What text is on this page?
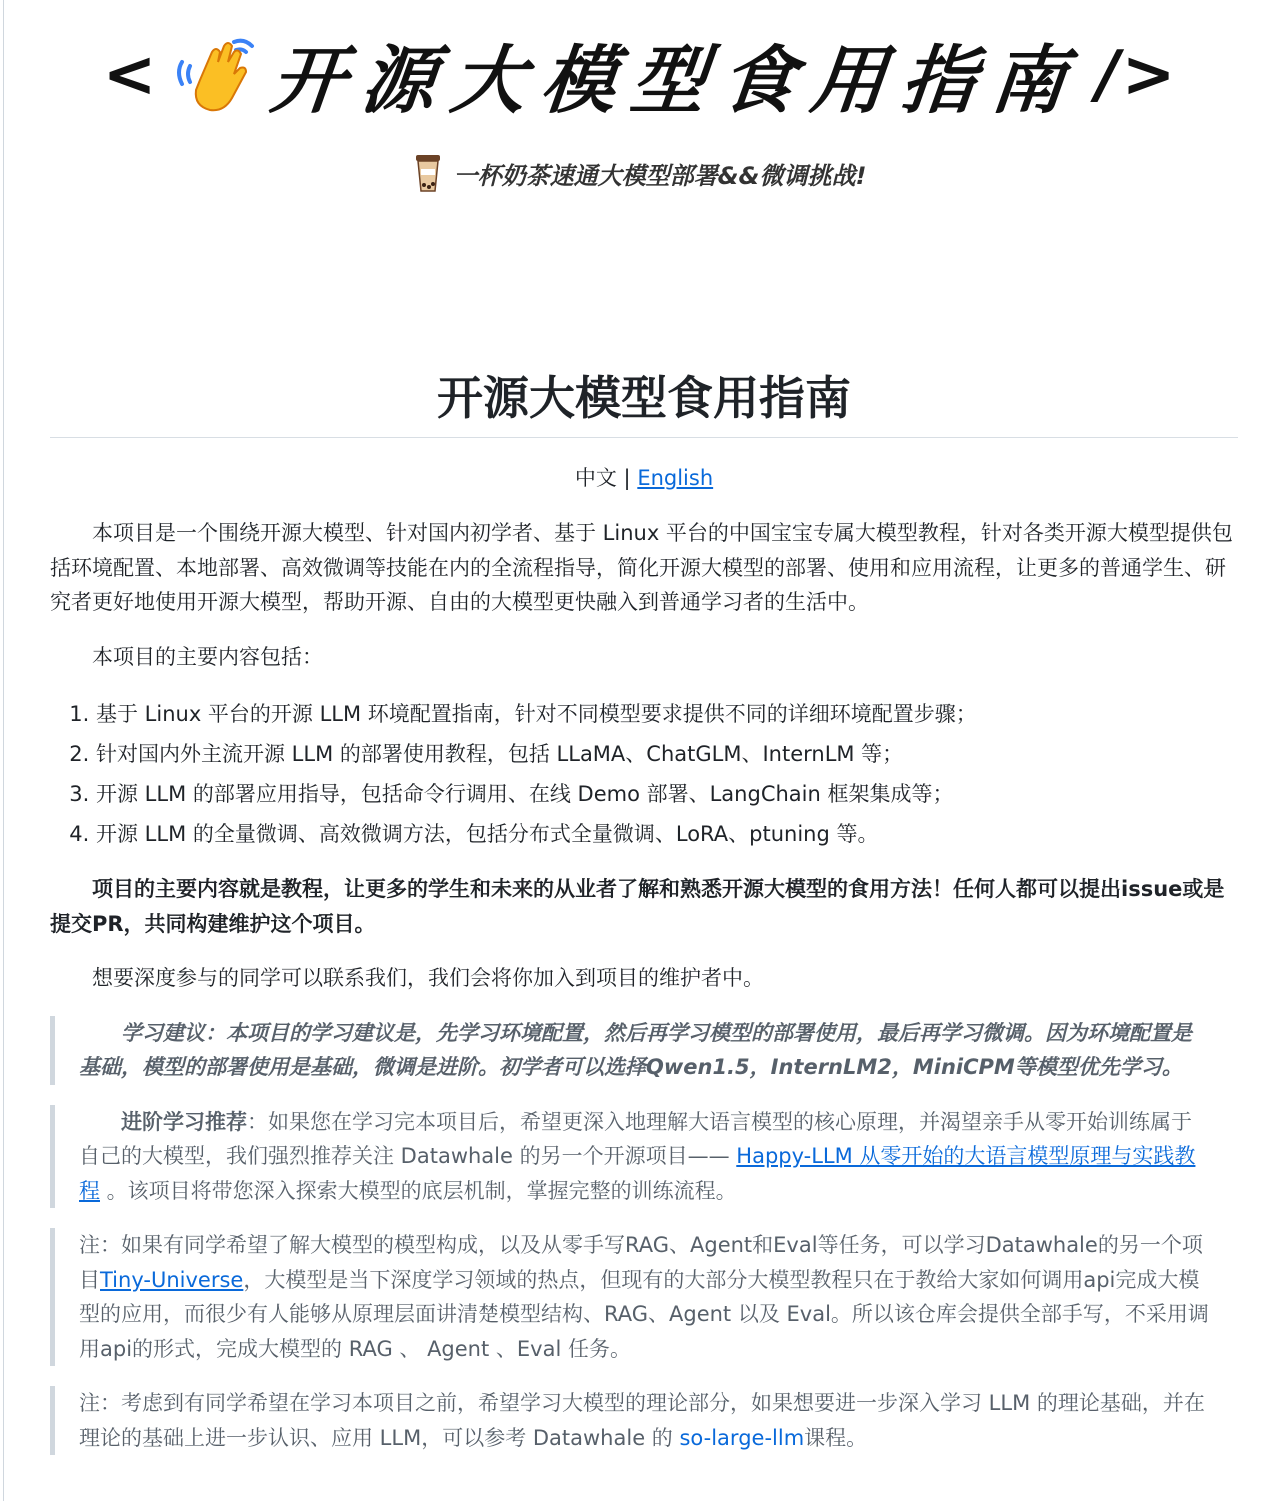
< 开源大模型食用指南 />
一杯奶茶速通大模型部署&&微调挑战!
开源大模型食用指南
中文 | English

本项目是一个围绕开源大模型、针对国内初学者、基于 Linux 平台的中国宝宝专属大模型教程，针对各类开源大模型提供包括环境配置、本地部署、高效微调等技能在内的全流程指导，简化开源大模型的部署、使用和应用流程，让更多的普通学生、研究者更好地使用开源大模型，帮助开源、自由的大模型更快融入到普通学习者的生活中。

本项目的主要内容包括：

1. 基于 Linux 平台的开源 LLM 环境配置指南，针对不同模型要求提供不同的详细环境配置步骤；
2. 针对国内外主流开源 LLM 的部署使用教程，包括 LLaMA、ChatGLM、InternLM 等；
3. 开源 LLM 的部署应用指导，包括命令行调用、在线 Demo 部署、LangChain 框架集成等；
4. 开源 LLM 的全量微调、高效微调方法，包括分布式全量微调、LoRA、ptuning 等。

项目的主要内容就是教程，让更多的学生和未来的从业者了解和熟悉开源大模型的食用方法！任何人都可以提出issue或是提交PR，共同构建维护这个项目。

想要深度参与的同学可以联系我们，我们会将你加入到项目的维护者中。

学习建议：本项目的学习建议是，先学习环境配置，然后再学习模型的部署使用，最后再学习微调。因为环境配置是基础，模型的部署使用是基础，微调是进阶。初学者可以选择Qwen1.5，InternLM2，MiniCPM等模型优先学习。

进阶学习推荐：如果您在学习完本项目后，希望更深入地理解大语言模型的核心原理，并渴望亲手从零开始训练属于自己的大模型，我们强烈推荐关注 Datawhale 的另一个开源项目—— Happy-LLM 从零开始的大语言模型原理与实践教程 。该项目将带您深入探索大模型的底层机制，掌握完整的训练流程。

注：如果有同学希望了解大模型的模型构成，以及从零手写RAG、Agent和Eval等任务，可以学习Datawhale的另一个项目Tiny-Universe，大模型是当下深度学习领域的热点，但现有的大部分大模型教程只在于教给大家如何调用api完成大模型的应用，而很少有人能够从原理层面讲清楚模型结构、RAG、Agent 以及 Eval。所以该仓库会提供全部手写，不采用调用api的形式，完成大模型的 RAG 、 Agent 、Eval 任务。

注：考虑到有同学希望在学习本项目之前，希望学习大模型的理论部分，如果想要进一步深入学习 LLM 的理论基础，并在理论的基础上进一步认识、应用 LLM，可以参考 Datawhale 的 so-large-llm课程。
